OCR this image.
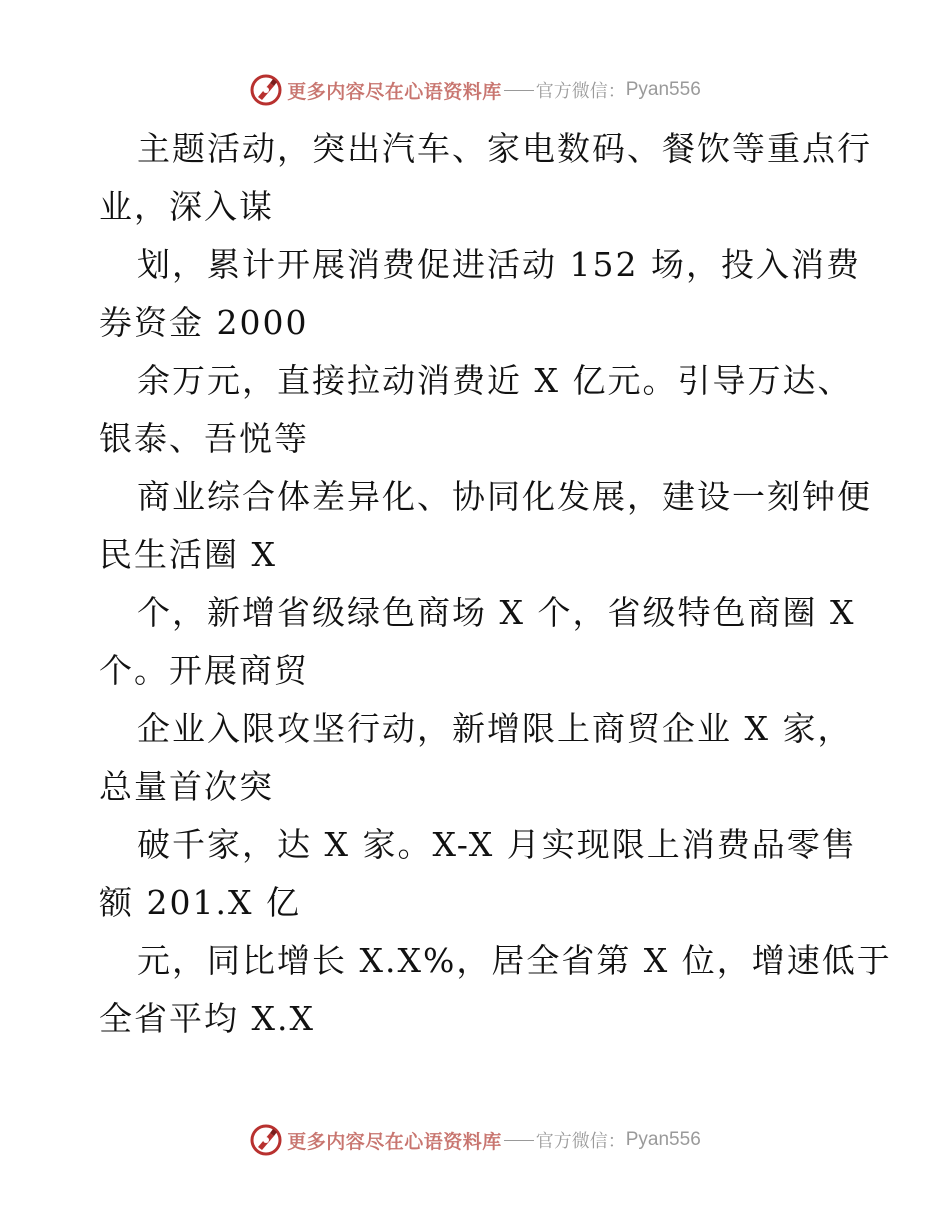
更多内容尽在心语资料库 官方微信： Pyan556
主题活动，突出汽车、家电数码、餐饮等重点行
业，深入谋
划，累计开展消费促进活动 152 场，投入消费
券资金 2000
余万元，直接拉动消费近 X 亿元。引导万达、
银泰、吾悦等
商业综合体差异化、协同化发展，建设一刻钟便
民生活圈 X
个，新增省级绿色商场 X 个，省级特色商圈 X
个。开展商贸
企业入限攻坚行动，新增限上商贸企业 X 家，
总量首次突
破千家，达 X 家。X-X 月实现限上消费品零售
额 201.X 亿
元，同比增长 X.X%，居全省第 X 位，增速低于
全省平均 X.X
更多内容尽在心语资料库 官方微信： Pyan556
